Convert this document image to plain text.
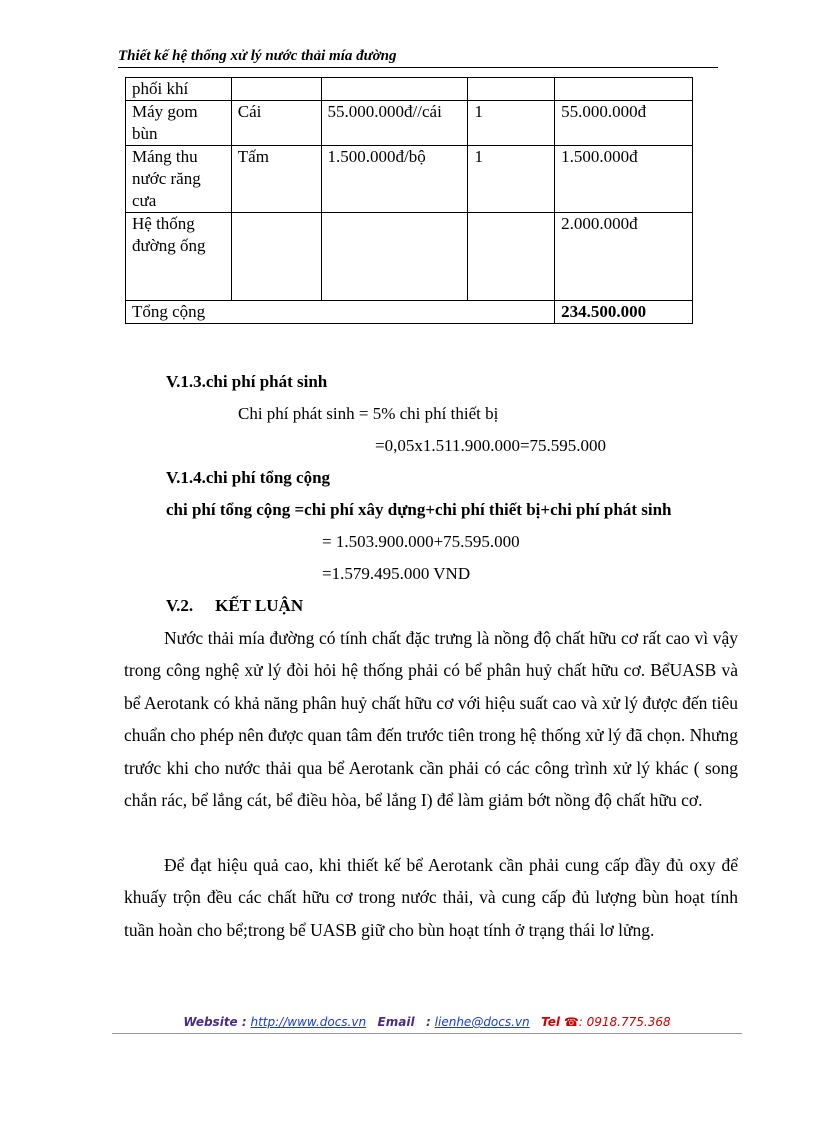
Thiết kế hệ thống xử lý nước thải mía đường
phối khí				
Máy gom bùn	Cái	55.000.000đ//cái	1	55.000.000đ
Máng thu nước răng cưa	Tấm	1.500.000đ/bộ	1	1.500.000đ
Hệ thống đường ống				2.000.000đ
Tổng cộng				234.500.000
V.1.3.chi phí phát sinh
Chi phí phát sinh = 5% chi phí thiết bị
=0,05x1.511.900.000=75.595.000
V.1.4.chi phí tổng cộng
chi phí tổng cộng =chi phí xây dựng+chi phí thiết bị+chi phí phát sinh
= 1.503.900.000+75.595.000
=1.579.495.000 VND
V.2. KẾT LUẬN

Nước thải mía đường có tính chất đặc trưng là nồng độ chất hữu cơ rất cao vì vậy trong công nghệ xử lý đòi hỏi hệ thống phải có bể phân huỷ chất hữu cơ. BểUASB và bể Aerotank có khả năng phân huỷ chất hữu cơ với hiệu suất cao và xử lý được đến tiêu chuẩn cho phép nên được quan tâm đến trước tiên trong hệ thống xử lý đã chọn. Nhưng trước khi cho nước thải qua bể Aerotank cần phải có các công trình xử lý khác ( song chắn rác, bể lắng cát, bể điều hòa, bể lắng I) để làm giảm bớt nồng độ chất hữu cơ.

Để đạt hiệu quả cao, khi thiết kế bể Aerotank cần phải cung cấp đầy đủ oxy để khuấy trộn đều các chất hữu cơ trong nước thải, và cung cấp đủ lượng bùn hoạt tính tuần hoàn cho bể;trong bể UASB giữ cho bùn hoạt tính ở trạng thái lơ lửng.

Website : http://www.docs.vn Email : lienhe@docs.vn Tel ☎: 0918.775.368
